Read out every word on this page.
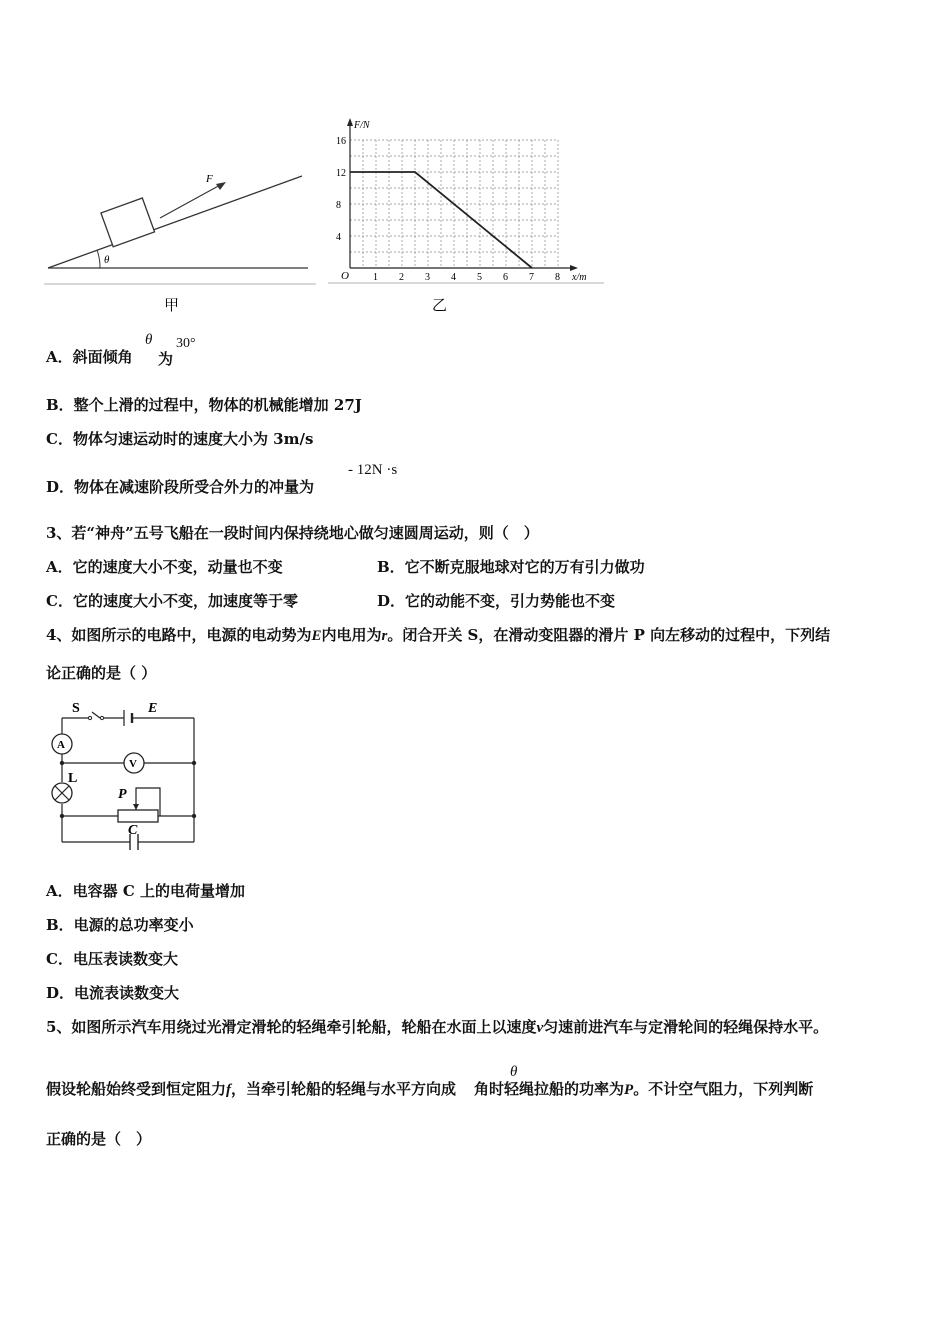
θ
F
甲
1 2 3 4 5 6 7 8
4
8
12
16
O	x/m
F/N
乙
A．斜面倾角
θ 30°
为
B．整个上滑的过程中，物体的机械能增加 27J
C．物体匀速运动时的速度大小为 3m/s
D．物体在减速阶段所受合外力的冲量为
- 12N ·s
3、若“神舟”五号飞船在一段时间内保持绕地心做匀速圆周运动，则（　）
A．它的速度大小不变，动量也不变	B．它不断克服地球对它的万有引力做功
C．它的速度大小不变，加速度等于零	D．它的动能不变，引力势能也不变
4、如图所示的电路中，电源的电动势为E内电用为r。闭合开关 S，在滑动变阻器的滑片 P 向左移动的过程中，下列结
论正确的是（ ）
A
V
S	E
L
P
C
A．电容器 C 上的电荷量增加
B．电源的总功率变小
C．电压表读数变大
D．电流表读数变大
5、如图所示汽车用绕过光滑定滑轮的轻绳牵引轮船，轮船在水面上以速度v匀速前进汽车与定滑轮间的轻绳保持水平。
假设轮船始终受到恒定阻力f，当牵引轮船的轻绳与水平方向成 角时轻绳拉船的功率为P。不计空气阻力，下列判断
θ
正确的是（　）
